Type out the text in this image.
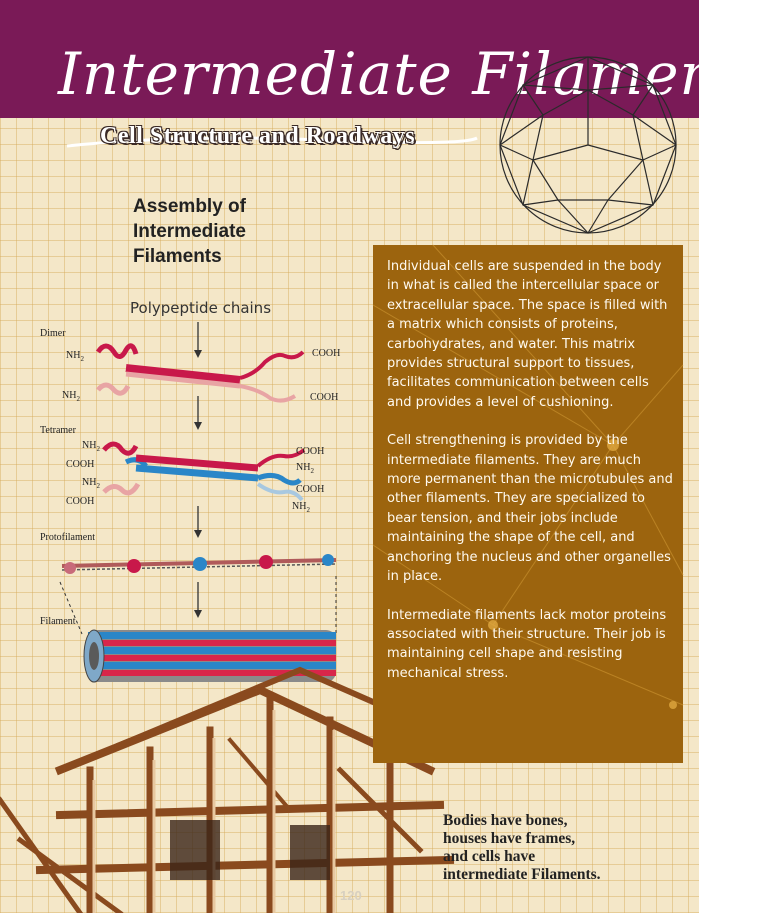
Intermediate Filaments
Cell Structure and Roadways
Assembly of
Intermediate
Filaments
Polypeptide chains
Dimer
$NH_2$
$NH_2$
COOH
COOH
Tetramer
$NH_2$
COOH
$NH_2$
COOH
COOH
$NH_2$
COOH
$NH_2$
Protofilament
Filament

Individual cells are suspended in the body in what is called the intercellular space or extracellular space. The space is filled with a matrix which consists of proteins, carbohydrates, and water. This matrix provides structural support to tissues, facilitates communication between cells and provides a level of cushioning.

Cell strengthening is provided by the intermediate filaments. They are much more permanent than the microtubules and other filaments. They are specialized to bear tension, and their jobs include maintaining the shape of the cell, and anchoring the nucleus and other organelles in place.

Intermediate filaments lack motor proteins associated with their structure. Their job is maintaining cell shape and resisting mechanical stress.

Bodies have bones,
houses have frames,
and cells have
intermediate Filaments.
120
